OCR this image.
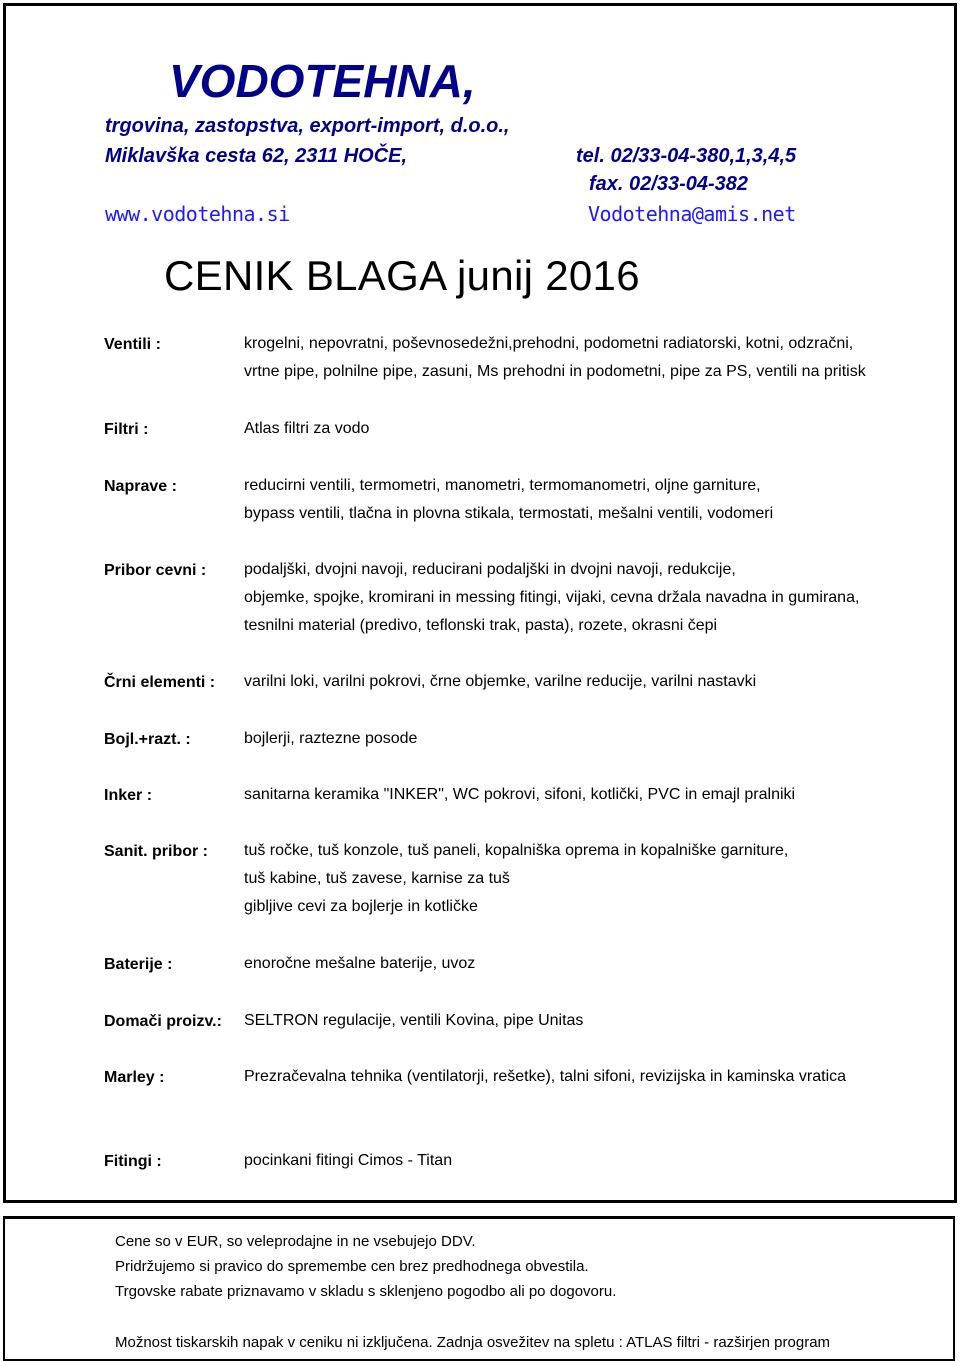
VODOTEHNA,
trgovina, zastopstva, export-import, d.o.o.,
Miklavška cesta 62, 2311 HOČE,	tel. 02/33-04-380,1,3,4,5
fax. 02/33-04-382
www.vodotehna.si	Vodotehna@amis.net
CENIK BLAGA junij 2016
Ventili :	krogelni, nepovratni, poševnosedežni,prehodni, podometni radiatorski, kotni, odzračni,
vrtne pipe, polnilne pipe, zasuni, Ms prehodni in podometni, pipe za PS, ventili na pritisk
Filtri :	Atlas filtri za vodo
Naprave :	reducirni ventili, termometri, manometri, termomanometri, oljne garniture,
bypass ventili, tlačna in plovna stikala, termostati, mešalni ventili, vodomeri
Pribor cevni : podaljški, dvojni navoji, reducirani podaljški in dvojni navoji, redukcije,
objemke, spojke, kromirani in messing fitingi, vijaki, cevna držala navadna in gumirana,
tesnilni material (predivo, teflonski trak, pasta), rozete, okrasni čepi
Črni elementi : varilni loki, varilni pokrovi, črne objemke, varilne reducije, varilni nastavki
Bojl.+razt. :	bojlerji, raztezne posode
Inker :	sanitarna keramika "INKER", WC pokrovi, sifoni, kotlički, PVC in emajl pralniki
Sanit. pribor : tuš ročke, tuš konzole, tuš paneli, kopalniška oprema in kopalniške garniture,
tuš kabine, tuš zavese, karnise za tuš
gibljive cevi za bojlerje in kotličke
Baterije :	enoročne mešalne baterije, uvoz
Domači proizv.: SELTRON regulacije, ventili Kovina, pipe Unitas
Marley :	Prezračevalna tehnika (ventilatorji, rešetke), talni sifoni, revizijska in kaminska vratica
Fitingi :	pocinkani fitingi Cimos - Titan
Cene so v EUR, so veleprodajne in ne vsebujejo DDV.
Pridržujemo si pravico do spremembe cen brez predhodnega obvestila.
Trgovske rabate priznavamo v skladu s sklenjeno pogodbo ali po dogovoru.
Možnost tiskarskih napak v ceniku ni izključena. Zadnja osvežitev na spletu : ATLAS filtri - razširjen program
